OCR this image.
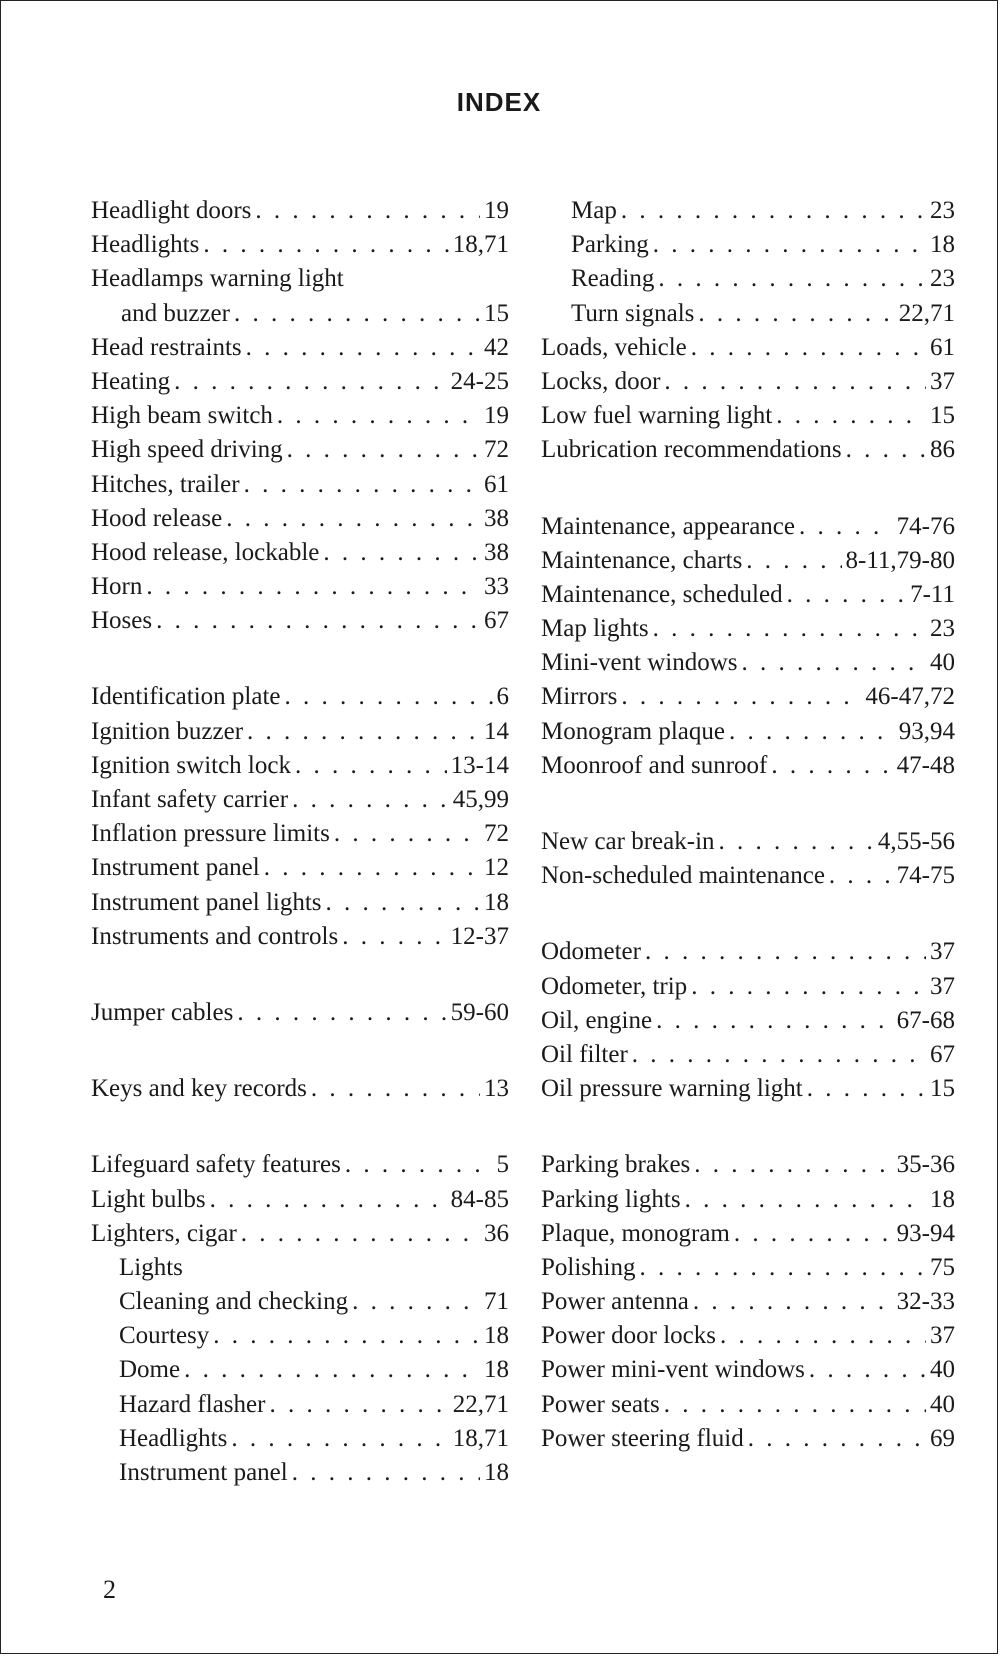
INDEX
Headlight doors . . .	19
Headlights . . .	18,71
Headlamps warning light
and buzzer . . .	15
Head restraints . . .	42
Heating . . .	24-25
High beam switch . . .	19
High speed driving . . .	72
Hitches, trailer . . .	61
Hood release . . .	38
Hood release, lockable . . .	38
Horn . . .	33
Hoses . . .	67
Identification plate . . .	6
Ignition buzzer . . .	14
Ignition switch lock . . .	13-14
Infant safety carrier . . .	45,99
Inflation pressure limits . . .	72
Instrument panel . . .	12
Instrument panel lights . . .	18
Instruments and controls . . .	12-37
Jumper cables . . .	59-60
Keys and key records . . .	13
Lifeguard safety features . . .	5
Light bulbs . . .	84-85
Lighters, cigar . . .	36
Lights
Cleaning and checking . . .	71
Courtesy . . .	18
Dome . . .	18
Hazard flasher . . .	22,71
Headlights . . .	18,71
Instrument panel . . .	18
Map . . .	23
Parking . . .	18
Reading . . .	23
Turn signals . . .	22,71
Loads, vehicle . . .	61
Locks, door . . .	37
Low fuel warning light . . .	15
Lubrication recommendations . . .	86
Maintenance, appearance . . .	74-76
Maintenance, charts . . .	8-11,79-80
Maintenance, scheduled . . .	7-11
Map lights . . .	23
Mini-vent windows . . .	40
Mirrors . . .	46-47,72
Monogram plaque . . .	93,94
Moonroof and sunroof . . .	47-48
New car break-in . . .	4,55-56
Non-scheduled maintenance . . .	74-75
Odometer . . .	37
Odometer, trip . . .	37
Oil, engine . . .	67-68
Oil filter . . .	67
Oil pressure warning light . . .	15
Parking brakes . . .	35-36
Parking lights . . .	18
Plaque, monogram . . .	93-94
Polishing . . .	75
Power antenna . . .	32-33
Power door locks . . .	37
Power mini-vent windows . . .	40
Power seats . . .	40
Power steering fluid . . .	69
2
